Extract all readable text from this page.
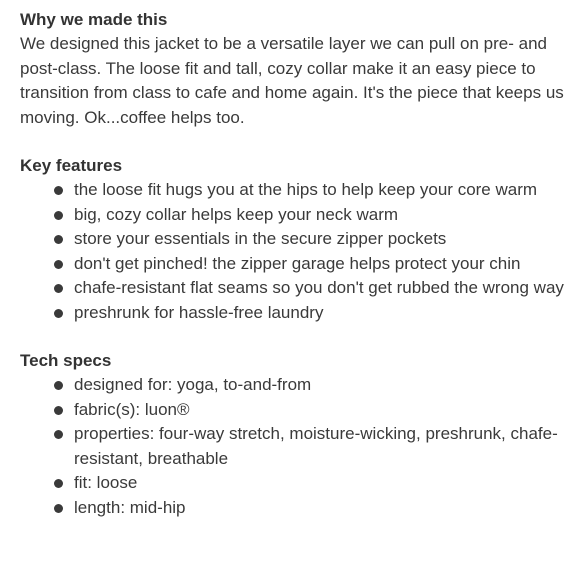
Why we made this

We designed this jacket to be a versatile layer we can pull on pre- and post-class. The loose fit and tall, cozy collar make it an easy piece to transition from class to cafe and home again. It's the piece that keeps us moving. Ok...coffee helps too.

Key features
the loose fit hugs you at the hips to help keep your core warm
big, cozy collar helps keep your neck warm
store your essentials in the secure zipper pockets
don't get pinched! the zipper garage helps protect your chin
chafe-resistant flat seams so you don't get rubbed the wrong way
preshrunk for hassle-free laundry
Tech specs
designed for: yoga, to-and-from
fabric(s): luon®
properties: four-way stretch, moisture-wicking, preshrunk, chafe-resistant, breathable
fit: loose
length: mid-hip
